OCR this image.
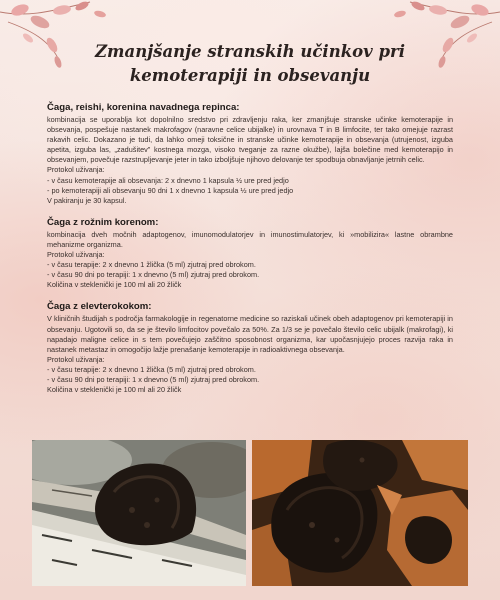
Zmanjšanje stranskih učinkov pri
kemoterapiji in obsevanju
Čaga, reishi, korenina navadnega repinca:

kombinacija se uporablja kot dopolnilno sredstvo pri zdravljenju raka, ker zmanjšuje stranske učinke kemoterapije in obsevanja, pospešuje nastanek makrofagov (naravne celice ubijalke) in urovnava T in B limfocite, ter tako omejuje razrast rakavih celic. Dokazano je tudi, da lahko omeji toksične in stranske učinke kemoterapije in obsevanja (utrujenost, izguba apetita, izguba las, „zadušitev" kostnega mozga, visoko tveganje za razne okužbe), lajša bolečine med kemoterapijo in obsevanjem, povečuje razstrupljevanje jeter in tako izboljšuje njihovo delovanje ter spodbuja obnavljanje jetrnih celic.

Protokol uživanja:
- v času kemoterapije ali obsevanja: 2 x dnevno 1 kapsula ½ ure pred jedjo
- po kemoterapiji ali obsevanju 90 dni 1 x dnevno 1 kapsula ½ ure pred jedjo
V pakiranju je 30 kapsul.
Čaga z rožnim korenom:

kombinacija dveh močnih adaptogenov, imunomodulatorjev in imunostimulatorjev, ki »mobilizira« lastne obrambne mehanizme organizma.

Protokol uživanja:
- v času terapije: 2 x dnevno 1 žlička (5 ml) zjutraj pred obrokom.
- v času 90 dni po terapiji: 1 x dnevno (5 ml) zjutraj pred obrokom.
Količina v steklenički je 100 ml ali 20 žličk
Čaga z elevterokokom:

V kliničnih študijah s področja farmakologije in regenatorne medicine so raziskali učinek obeh adaptogenov pri kemoterapiji in obsevanju. Ugotovili so, da se je število limfocitov povečalo za 50%. Za 1/3 se je povečalo število celic ubijalk (makrofagi), ki napadajo maligne celice in s tem povečujejo zaščitno sposobnost organizma, kar upočasnjujejo proces razvija raka in nastanek metastaz in omogočijo lažje prenašanje kemoterapije in radioaktivnega obsevanja.

Protokol uživanja:
- v času terapije: 2 x dnevno 1 žlička (5 ml) zjutraj pred obrokom.
- v času 90 dni po terapiji: 1 x dnevno (5 ml) zjutraj pred obrokom.
Količina v steklenički je 100 ml ali 20 žličk
